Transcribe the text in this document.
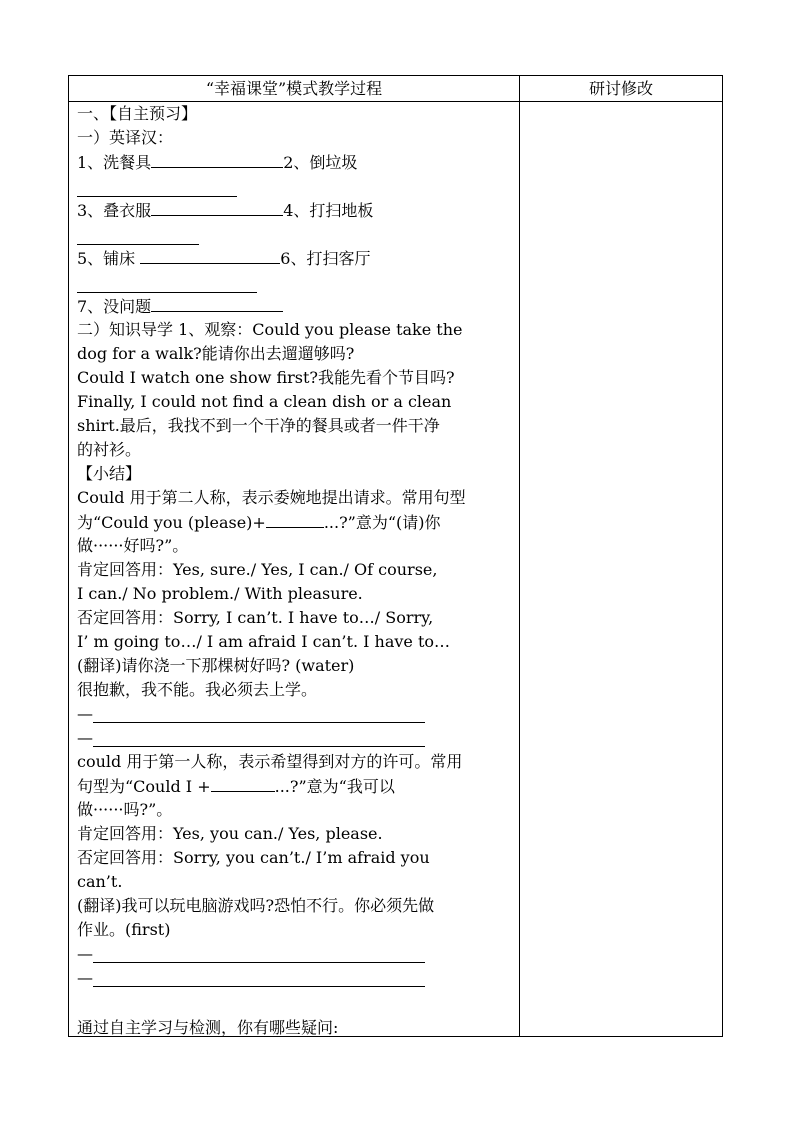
“幸福课堂”模式教学过程	研讨修改
一、【自主预习】
一）英译汉：
1、洗餐具	2、倒垃圾
3、叠衣服	4、打扫地板
5、铺床	6、打扫客厅
7、没问题
二）知识导学 1、观察：Could you please take the
dog for a walk?能请你出去遛遛够吗?
Could I watch one show first?我能先看个节目吗?
Finally, I could not find a clean dish or a clean
shirt.最后，我找不到一个干净的餐具或者一件干净
的衬衫。
【小结】
Could 用于第二人称，表示委婉地提出请求。常用句型
为“Could you (please)+	...?”意为“(请)你
做······好吗?”。
肯定回答用：Yes, sure./ Yes, I can./ Of course,
I can./ No problem./ With pleasure.
否定回答用：Sorry, I can’t. I have to…/ Sorry,
I’ m going to…/ I am afraid I can’t. I have to…
(翻译)请你浇一下那棵树好吗? (water)
很抱歉，我不能。我必须去上学。
—
—
could 用于第一人称，表示希望得到对方的许可。常用
句型为“Could I +	...?”意为“我可以
做······吗?”。
肯定回答用：Yes, you can./ Yes, please.
否定回答用：Sorry, you can’t./ I’m afraid you
can’t.
(翻译)我可以玩电脑游戏吗?恐怕不行。你必须先做
作业。(first)
—
—
通过自主学习与检测，你有哪些疑问:
